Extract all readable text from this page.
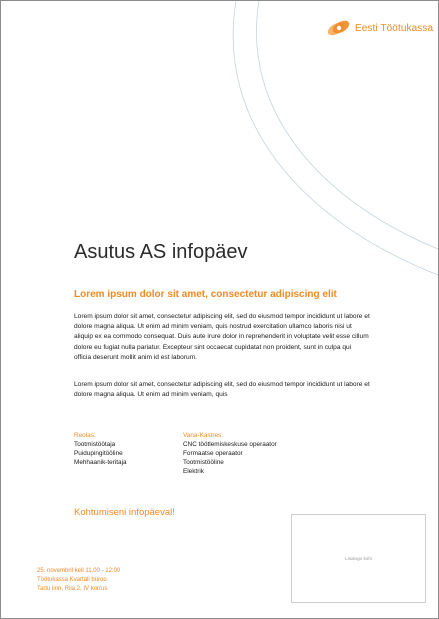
Eesti Töötukassa
Asutus AS infopäev
Lorem ipsum dolor sit amet, consectetur adipiscing elit

Lorem ipsum dolor sit amet, consectetur adipiscing elit, sed do eiusmod tempor incididunt ut labore et dolore magna aliqua. Ut enim ad minim veniam, quis nostrud exercitation ullamco laboris nisi ut aliquip ex ea commodo consequat. Duis aute irure dolor in reprehenderit in voluptate velit esse cillum dolore eu fugiat nulla pariatur. Excepteur sint occaecat cupidatat non proident, sunt in culpa qui officia deserunt mollit anim id est laborum.

Lorem ipsum dolor sit amet, consectetur adipiscing elit, sed do eiusmod tempor incididunt ut labore et dolore magna aliqua. Ut enim ad minim veniam, quis

Reolas:
Tootmistöötaja
Puidupingitööline
Mehhaanik-teritaja
Vana-Kastres:
CNC töötlemiskeskuse operaator
Formaatse operaator
Tootmistööline
Elektrik
Kohtumiseni infopäeval!
25. novembril kell 11.00 - 12:00
Töötukassa Kvartali büroo
Tartu linn, Riia 2, IV korrus
Lisalogo kohi
